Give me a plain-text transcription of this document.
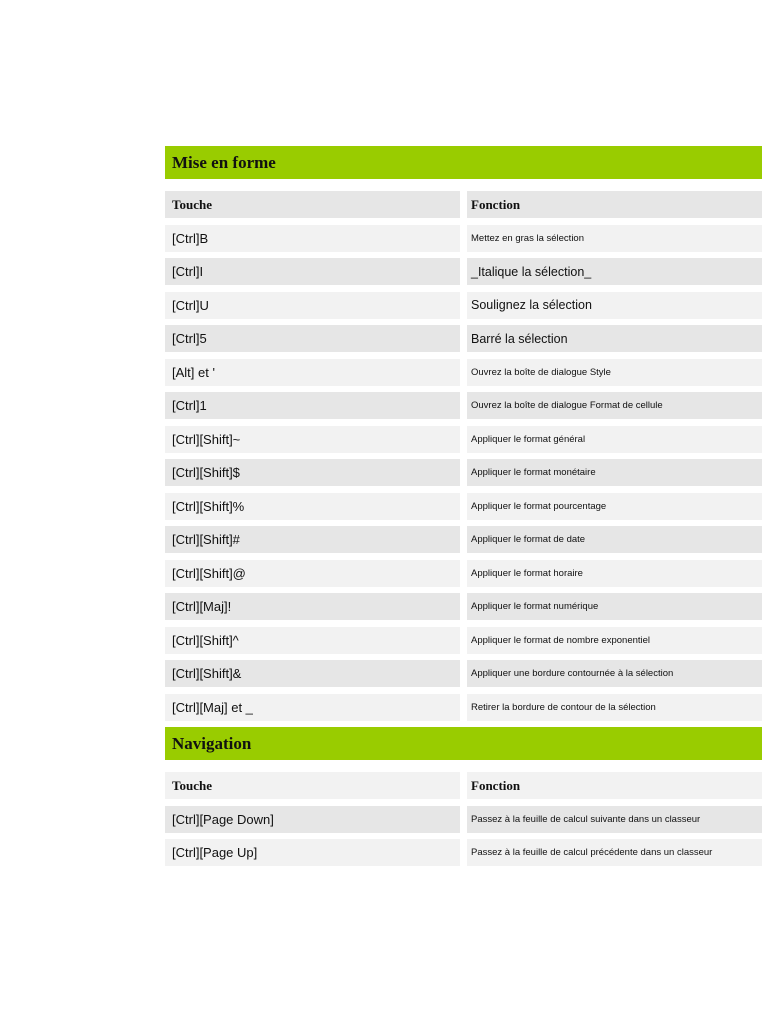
Mise en forme
Touche	Fonction
[Ctrl]B	Mettez en gras la sélection
[Ctrl]I	_Italique la sélection_
[Ctrl]U	Soulignez la sélection
[Ctrl]5	Barré la sélection
[Alt] et '	Ouvrez la boîte de dialogue Style
[Ctrl]1	Ouvrez la boîte de dialogue Format de cellule
[Ctrl][Shift]~	Appliquer le format général
[Ctrl][Shift]$	Appliquer le format monétaire
[Ctrl][Shift]%	Appliquer le format pourcentage
[Ctrl][Shift]#	Appliquer le format de date
[Ctrl][Shift]@	Appliquer le format horaire
[Ctrl][Maj]!	Appliquer le format numérique
[Ctrl][Shift]^	Appliquer le format de nombre exponentiel
[Ctrl][Shift]&	Appliquer une bordure contournée à la sélection
[Ctrl][Maj] et _	Retirer la bordure de contour de la sélection
Navigation
Touche	Fonction
[Ctrl][Page Down]	Passez à la feuille de calcul suivante dans un classeur
[Ctrl][Page Up]	Passez à la feuille de calcul précédente dans un classeur
